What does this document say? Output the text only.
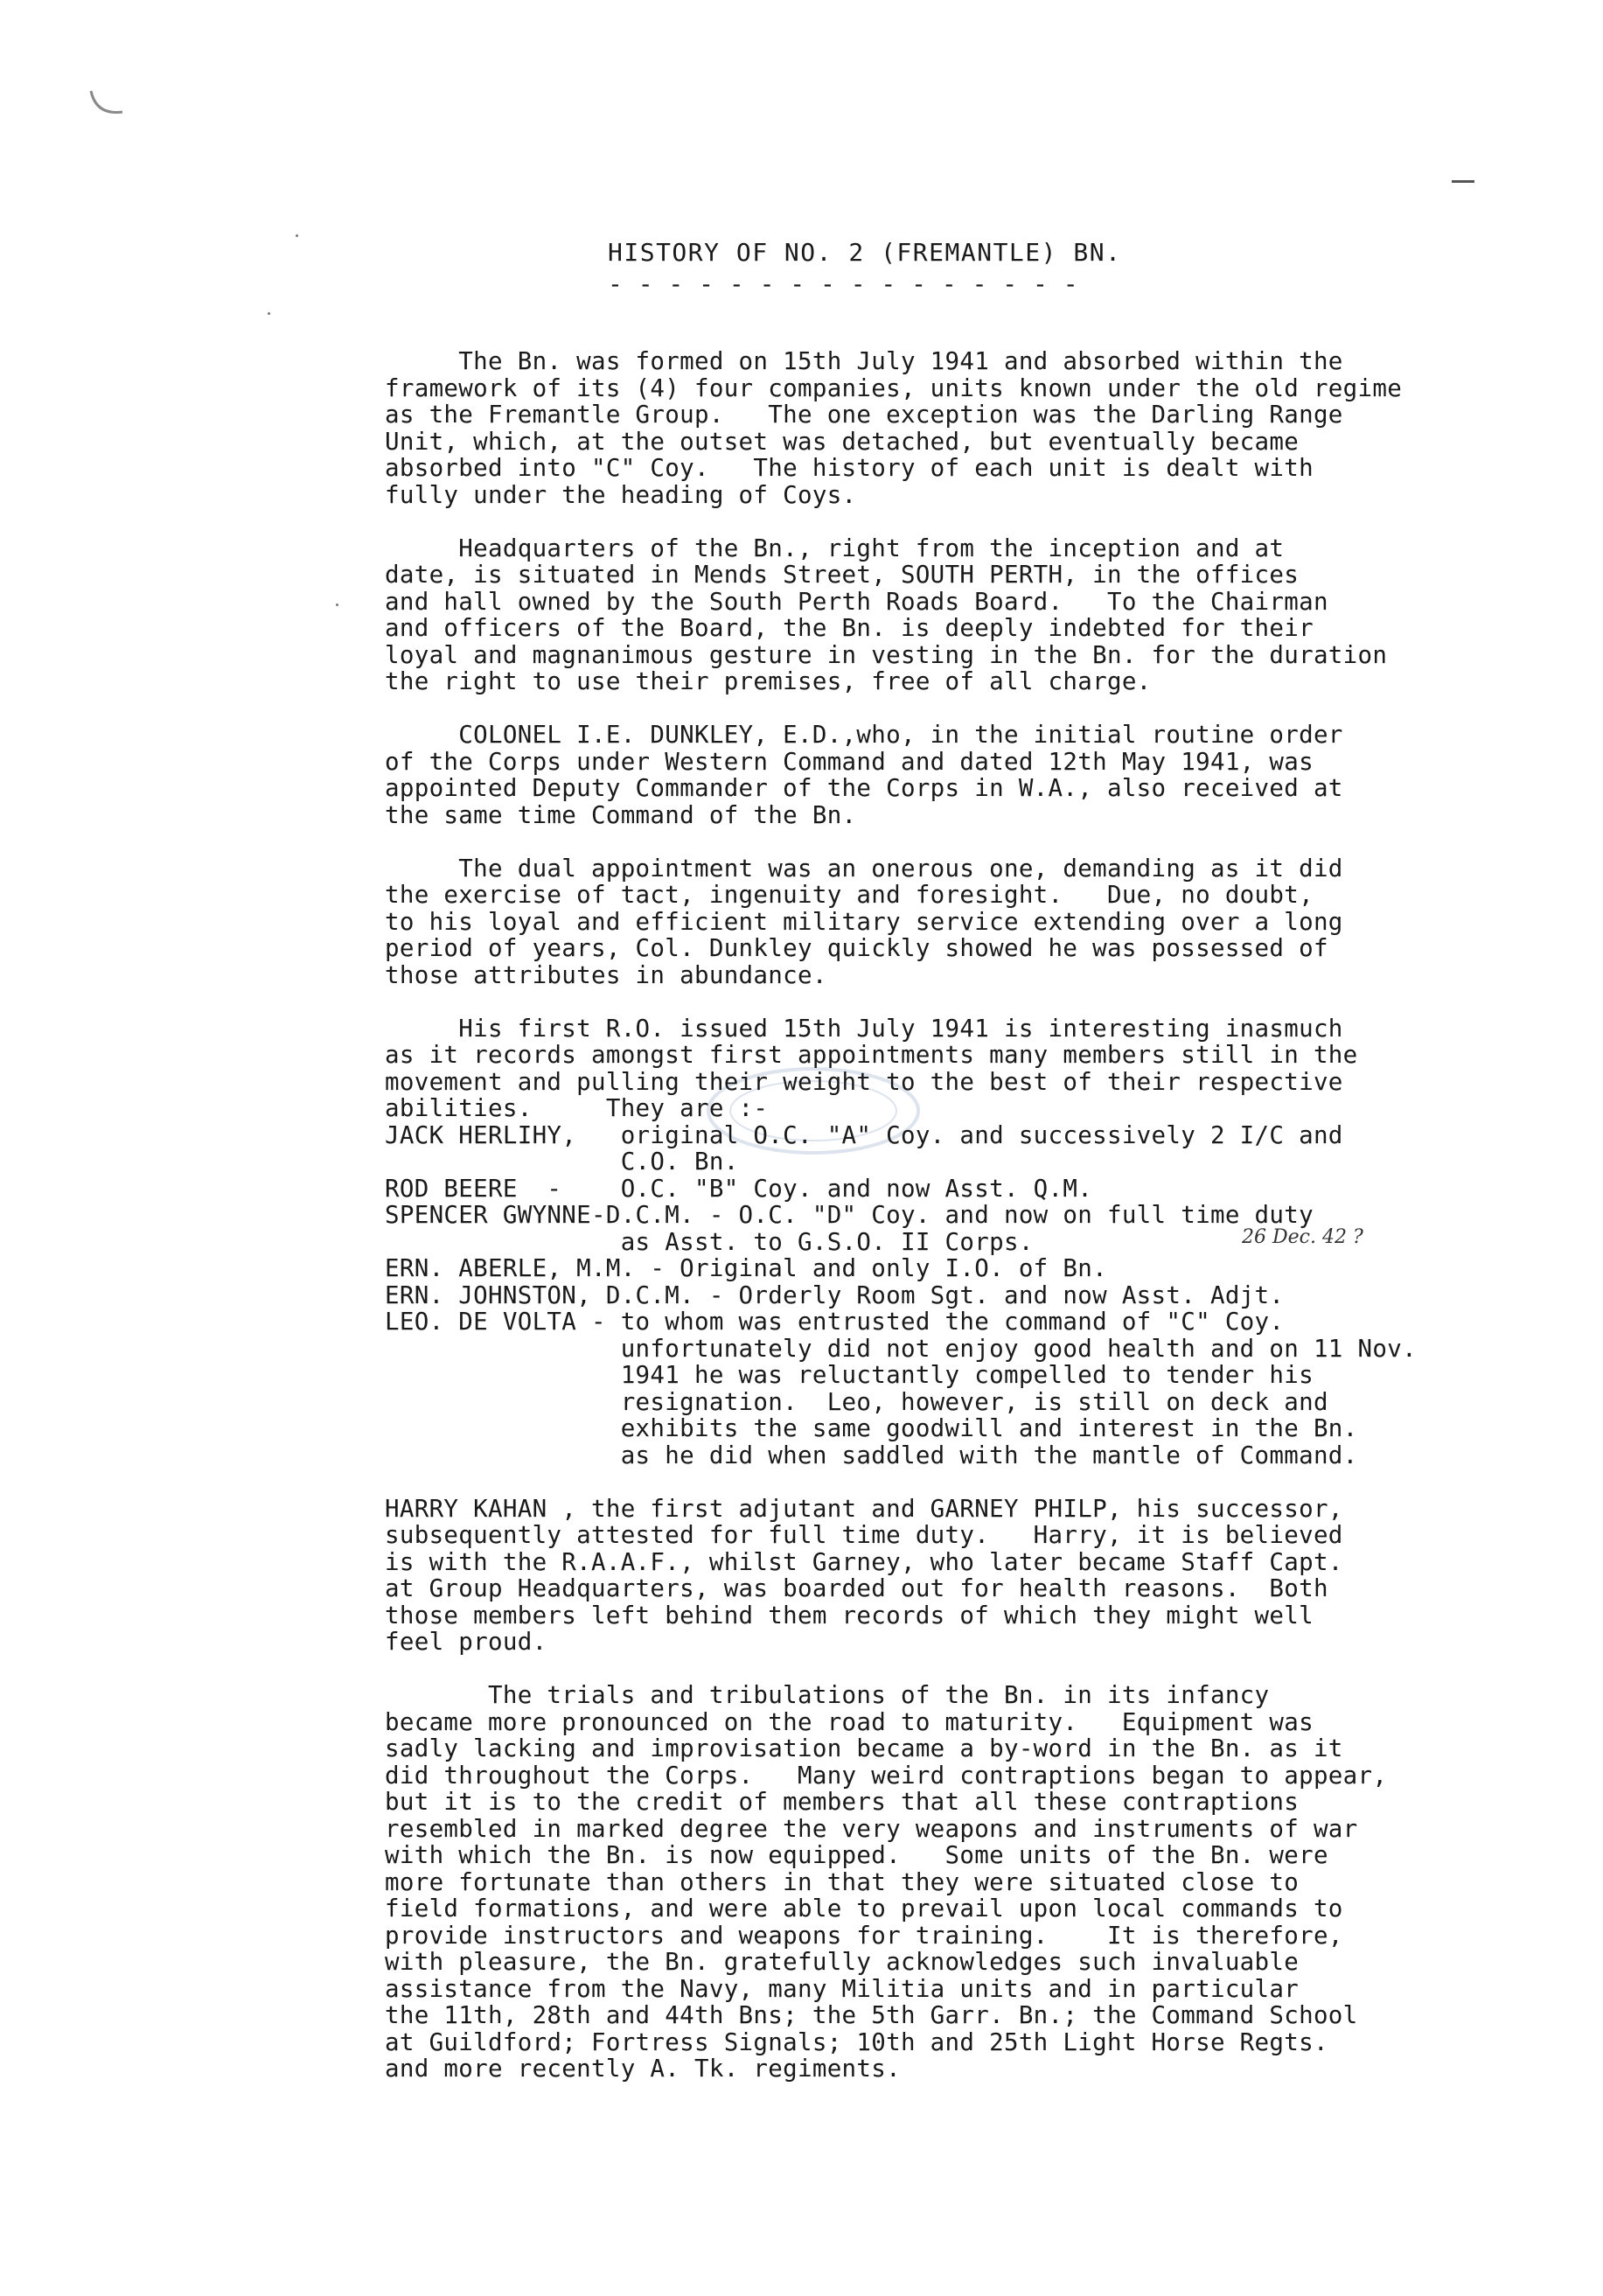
HISTORY OF NO. 2 (FREMANTLE) BN.
- - - - - - - - - - - - - - - -
The Bn. was formed on 15th July 1941 and absorbed within the
framework of its (4) four companies, units known under the old regime
as the Fremantle Group.   The one exception was the Darling Range
Unit, which, at the outset was detached, but eventually became
absorbed into "C" Coy.   The history of each unit is dealt with
fully under the heading of Coys.

Headquarters of the Bn., right from the inception and at
date, is situated in Mends Street, SOUTH PERTH, in the offices
and hall owned by the South Perth Roads Board.   To the Chairman
and officers of the Board, the Bn. is deeply indebted for their
loyal and magnanimous gesture in vesting in the Bn. for the duration
the right to use their premises, free of all charge.

COLONEL I.E. DUNKLEY, E.D.,who, in the initial routine order
of the Corps under Western Command and dated 12th May 1941, was
appointed Deputy Commander of the Corps in W.A., also received at
the same time Command of the Bn.

The dual appointment was an onerous one, demanding as it did
the exercise of tact, ingenuity and foresight.   Due, no doubt,
to his loyal and efficient military service extending over a long
period of years, Col. Dunkley quickly showed he was possessed of
those attributes in abundance.

His first R.O. issued 15th July 1941 is interesting inasmuch
as it records amongst first appointments many members still in the
movement and pulling their weight to the best of their respective
abilities.     They are :-
JACK HERLIHY,   original O.C. "A" Coy. and successively 2 I/C and
C.O. Bn.
ROD BEERE  -    O.C. "B" Coy. and now Asst. Q.M.
SPENCER GWYNNE-D.C.M. - O.C. "D" Coy. and now on full time duty
as Asst. to G.S.O. II Corps.
ERN. ABERLE, M.M. - Original and only I.O. of Bn.
ERN. JOHNSTON, D.C.M. - Orderly Room Sgt. and now Asst. Adjt.
LEO. DE VOLTA - to whom was entrusted the command of "C" Coy.
unfortunately did not enjoy good health and on 11 Nov.
1941 he was reluctantly compelled to tender his
resignation.  Leo, however, is still on deck and
exhibits the same goodwill and interest in the Bn.
as he did when saddled with the mantle of Command.

HARRY KAHAN , the first adjutant and GARNEY PHILP, his successor,
subsequently attested for full time duty.   Harry, it is believed
is with the R.A.A.F., whilst Garney, who later became Staff Capt.
at Group Headquarters, was boarded out for health reasons.  Both
those members left behind them records of which they might well
feel proud.

The trials and tribulations of the Bn. in its infancy
became more pronounced on the road to maturity.   Equipment was
sadly lacking and improvisation became a by-word in the Bn. as it
did throughout the Corps.   Many weird contraptions began to appear,
but it is to the credit of members that all these contraptions
resembled in marked degree the very weapons and instruments of war
with which the Bn. is now equipped.   Some units of the Bn. were
more fortunate than others in that they were situated close to
field formations, and were able to prevail upon local commands to
provide instructors and weapons for training.    It is therefore,
with pleasure, the Bn. gratefully acknowledges such invaluable
assistance from the Navy, many Militia units and in particular
the 11th, 28th and 44th Bns; the 5th Garr. Bn.; the Command School
at Guildford; Fortress Signals; 10th and 25th Light Horse Regts.
and more recently A. Tk. regiments.
26 Dec. 42 ?
